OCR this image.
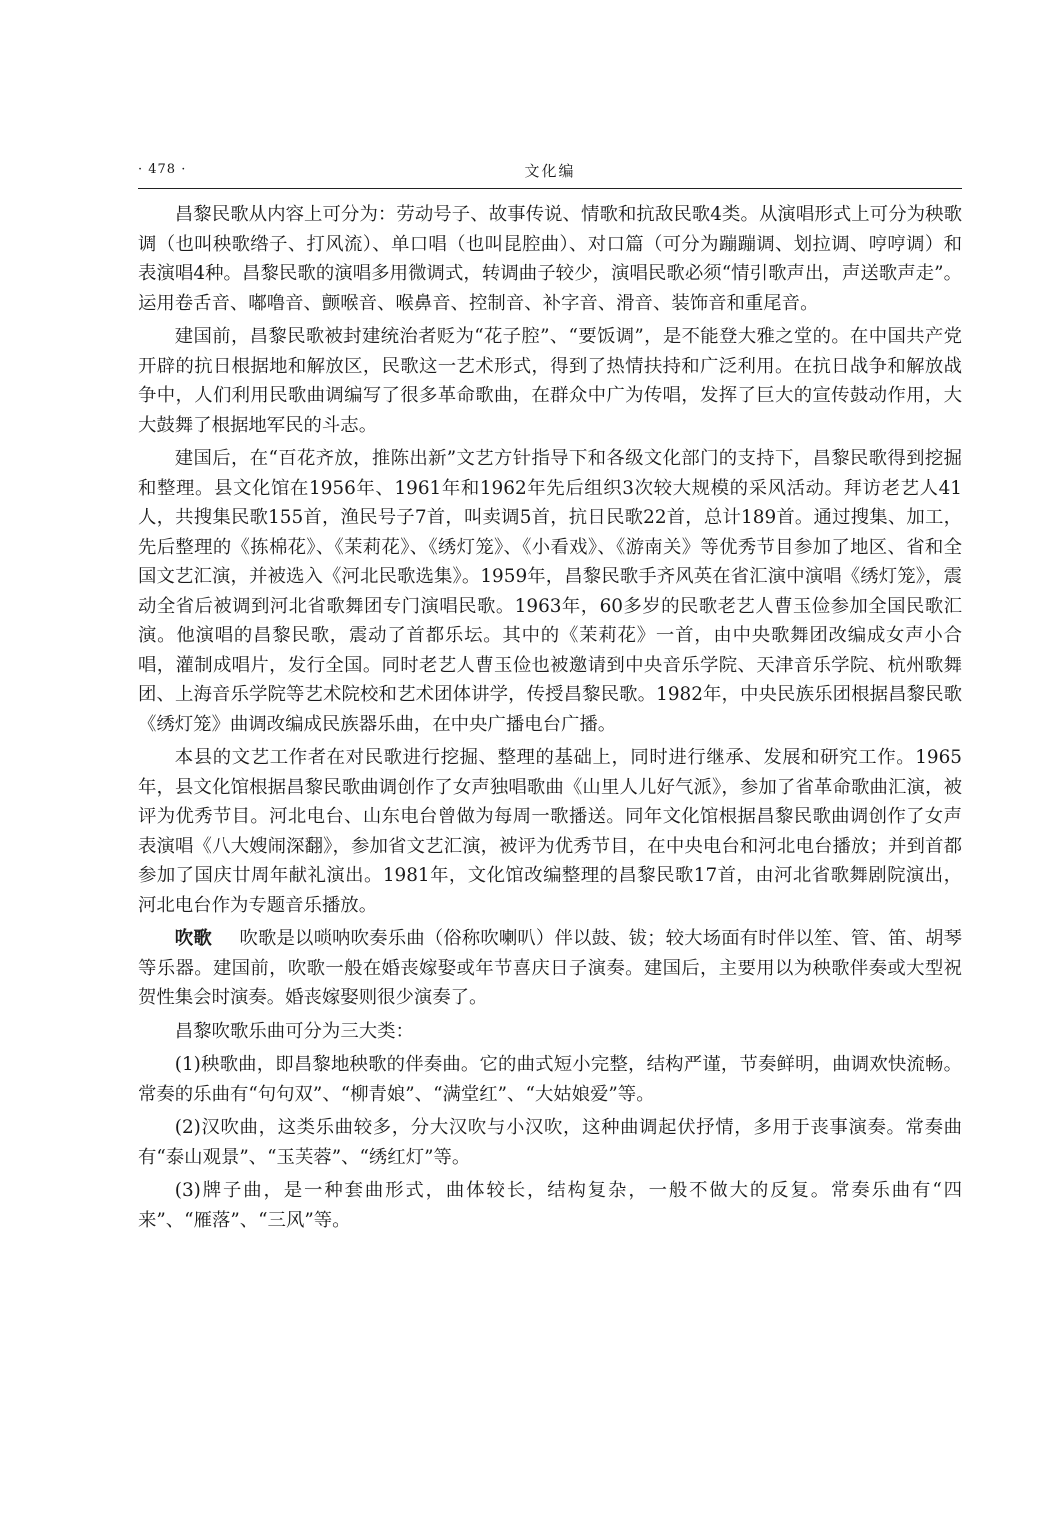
· 478 ·	文化编

昌黎民歌从内容上可分为：劳动号子、故事传说、情歌和抗敌民歌4类。从演唱形式上可分为秧歌调（也叫秧歌绺子、打风流）、单口唱（也叫昆腔曲）、对口篇（可分为蹦蹦调、划拉调、哼哼调）和表演唱4种。昌黎民歌的演唱多用微调式，转调曲子较少，演唱民歌必须“情引歌声出，声送歌声走”。运用卷舌音、嘟噜音、颤喉音、喉鼻音、控制音、补字音、滑音、装饰音和重尾音。

建国前，昌黎民歌被封建统治者贬为“花子腔”、“要饭调”，是不能登大雅之堂的。在中国共产党开辟的抗日根据地和解放区，民歌这一艺术形式，得到了热情扶持和广泛利用。在抗日战争和解放战争中，人们利用民歌曲调编写了很多革命歌曲，在群众中广为传唱，发挥了巨大的宣传鼓动作用，大大鼓舞了根据地军民的斗志。

建国后，在“百花齐放，推陈出新”文艺方针指导下和各级文化部门的支持下，昌黎民歌得到挖掘和整理。县文化馆在1956年、1961年和1962年先后组织3次较大规模的采风活动。拜访老艺人41人，共搜集民歌155首，渔民号子7首，叫卖调5首，抗日民歌22首，总计189首。通过搜集、加工，先后整理的《拣棉花》、《茉莉花》、《绣灯笼》、《小看戏》、《游南关》等优秀节目参加了地区、省和全国文艺汇演，并被选入《河北民歌选集》。1959年，昌黎民歌手齐风英在省汇演中演唱《绣灯笼》，震动全省后被调到河北省歌舞团专门演唱民歌。1963年，60多岁的民歌老艺人曹玉俭参加全国民歌汇演。他演唱的昌黎民歌，震动了首都乐坛。其中的《茉莉花》一首，由中央歌舞团改编成女声小合唱，灌制成唱片，发行全国。同时老艺人曹玉俭也被邀请到中央音乐学院、天津音乐学院、杭州歌舞团、上海音乐学院等艺术院校和艺术团体讲学，传授昌黎民歌。1982年，中央民族乐团根据昌黎民歌《绣灯笼》曲调改编成民族器乐曲，在中央广播电台广播。

本县的文艺工作者在对民歌进行挖掘、整理的基础上，同时进行继承、发展和研究工作。1965年，县文化馆根据昌黎民歌曲调创作了女声独唱歌曲《山里人儿好气派》，参加了省革命歌曲汇演，被评为优秀节目。河北电台、山东电台曾做为每周一歌播送。同年文化馆根据昌黎民歌曲调创作了女声表演唱《八大嫂闹深翻》，参加省文艺汇演，被评为优秀节目，在中央电台和河北电台播放；并到首都参加了国庆廿周年献礼演出。1981年，文化馆改编整理的昌黎民歌17首，由河北省歌舞剧院演出，河北电台作为专题音乐播放。

吹歌 吹歌是以唢呐吹奏乐曲（俗称吹喇叭）伴以鼓、钹；较大场面有时伴以笙、管、笛、胡琴等乐器。建国前，吹歌一般在婚丧嫁娶或年节喜庆日子演奏。建国后，主要用以为秧歌伴奏或大型祝贺性集会时演奏。婚丧嫁娶则很少演奏了。

昌黎吹歌乐曲可分为三大类：

(1)秧歌曲，即昌黎地秧歌的伴奏曲。它的曲式短小完整，结构严谨，节奏鲜明，曲调欢快流畅。常奏的乐曲有“句句双”、“柳青娘”、“满堂红”、“大姑娘爱”等。

(2)汉吹曲，这类乐曲较多，分大汉吹与小汉吹，这种曲调起伏抒情，多用于丧事演奏。常奏曲有“泰山观景”、“玉芙蓉”、“绣红灯”等。

(3)牌子曲，是一种套曲形式，曲体较长，结构复杂，一般不做大的反复。常奏乐曲有“四来”、“雁落”、“三风”等。
